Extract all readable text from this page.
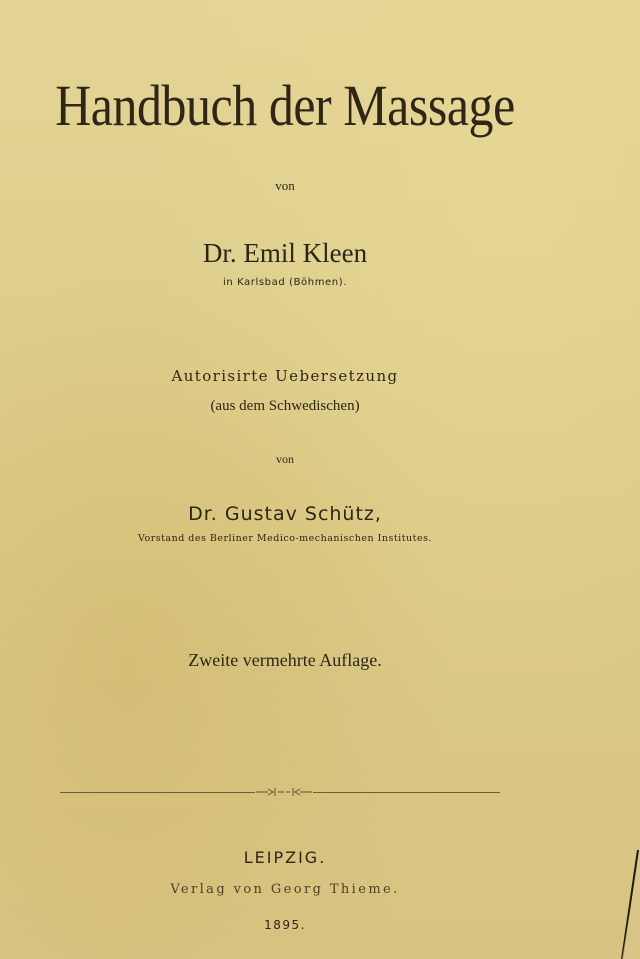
Handbuch der Massage
von
Dr. Emil Kleen
in Karlsbad (Böhmen).
Autorisirte Uebersetzung
(aus dem Schwedischen)
von
Dr. Gustav Schütz,
Vorstand des Berliner Medico-mechanischen Institutes.
Zweite vermehrte Auflage.
LEIPZIG.
Verlag von Georg Thieme.
1895.
